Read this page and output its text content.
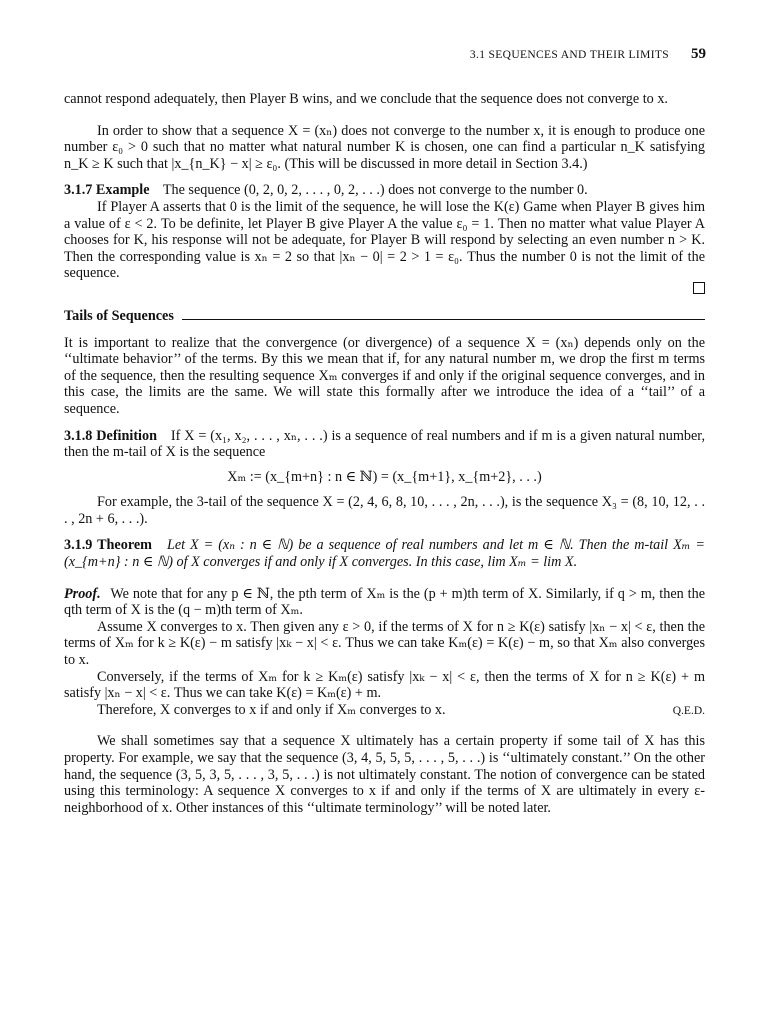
3.1 SEQUENCES AND THEIR LIMITS 59

cannot respond adequately, then Player B wins, and we conclude that the sequence does not converge to x.

In order to show that a sequence X = (xₙ) does not converge to the number x, it is enough to produce one number ε₀ > 0 such that no matter what natural number K is chosen, one can find a particular n_K satisfying n_K ≥ K such that |x_{n_K} − x| ≥ ε₀. (This will be discussed in more detail in Section 3.4.)

3.1.7 Example The sequence (0, 2, 0, 2, . . . , 0, 2, . . .) does not converge to the number 0.

If Player A asserts that 0 is the limit of the sequence, he will lose the K(ε) Game when Player B gives him a value of ε < 2. To be definite, let Player B give Player A the value ε₀ = 1. Then no matter what value Player A chooses for K, his response will not be adequate, for Player B will respond by selecting an even number n > K. Then the corresponding value is xₙ = 2 so that |xₙ − 0| = 2 > 1 = ε₀. Thus the number 0 is not the limit of the sequence.

Tails of Sequences

It is important to realize that the convergence (or divergence) of a sequence X = (xₙ) depends only on the ‘‘ultimate behavior’’ of the terms. By this we mean that if, for any natural number m, we drop the first m terms of the sequence, then the resulting sequence Xₘ converges if and only if the original sequence converges, and in this case, the limits are the same. We will state this formally after we introduce the idea of a ‘‘tail’’ of a sequence.

3.1.8 Definition If X = (x₁, x₂, . . . , xₙ, . . .) is a sequence of real numbers and if m is a given natural number, then the m-tail of X is the sequence

Xₘ := (x_{m+n} : n ∈ ℕ) = (x_{m+1}, x_{m+2}, . . .)

For example, the 3-tail of the sequence X = (2, 4, 6, 8, 10, . . . , 2n, . . .), is the sequence X₃ = (8, 10, 12, . . . , 2n + 6, . . .).

3.1.9 Theorem Let X = (xₙ : n ∈ ℕ) be a sequence of real numbers and let m ∈ ℕ. Then the m-tail Xₘ = (x_{m+n} : n ∈ ℕ) of X converges if and only if X converges. In this case, lim Xₘ = lim X.

Proof. We note that for any p ∈ ℕ, the pth term of Xₘ is the (p + m)th term of X. Similarly, if q > m, then the qth term of X is the (q − m)th term of Xₘ.

Assume X converges to x. Then given any ε > 0, if the terms of X for n ≥ K(ε) satisfy |xₙ − x| < ε, then the terms of Xₘ for k ≥ K(ε) − m satisfy |xₖ − x| < ε. Thus we can take Kₘ(ε) = K(ε) − m, so that Xₘ also converges to x.

Conversely, if the terms of Xₘ for k ≥ Kₘ(ε) satisfy |xₖ − x| < ε, then the terms of X for n ≥ K(ε) + m satisfy |xₙ − x| < ε. Thus we can take K(ε) = Kₘ(ε) + m.

Therefore, X converges to x if and only if Xₘ converges to x.	Q.E.D.

We shall sometimes say that a sequence X ultimately has a certain property if some tail of X has this property. For example, we say that the sequence (3, 4, 5, 5, 5, . . . , 5, . . .) is ‘‘ultimately constant.’’ On the other hand, the sequence (3, 5, 3, 5, . . . , 3, 5, . . .) is not ultimately constant. The notion of convergence can be stated using this terminology: A sequence X converges to x if and only if the terms of X are ultimately in every ε-neighborhood of x. Other instances of this ‘‘ultimate terminology’’ will be noted later.
